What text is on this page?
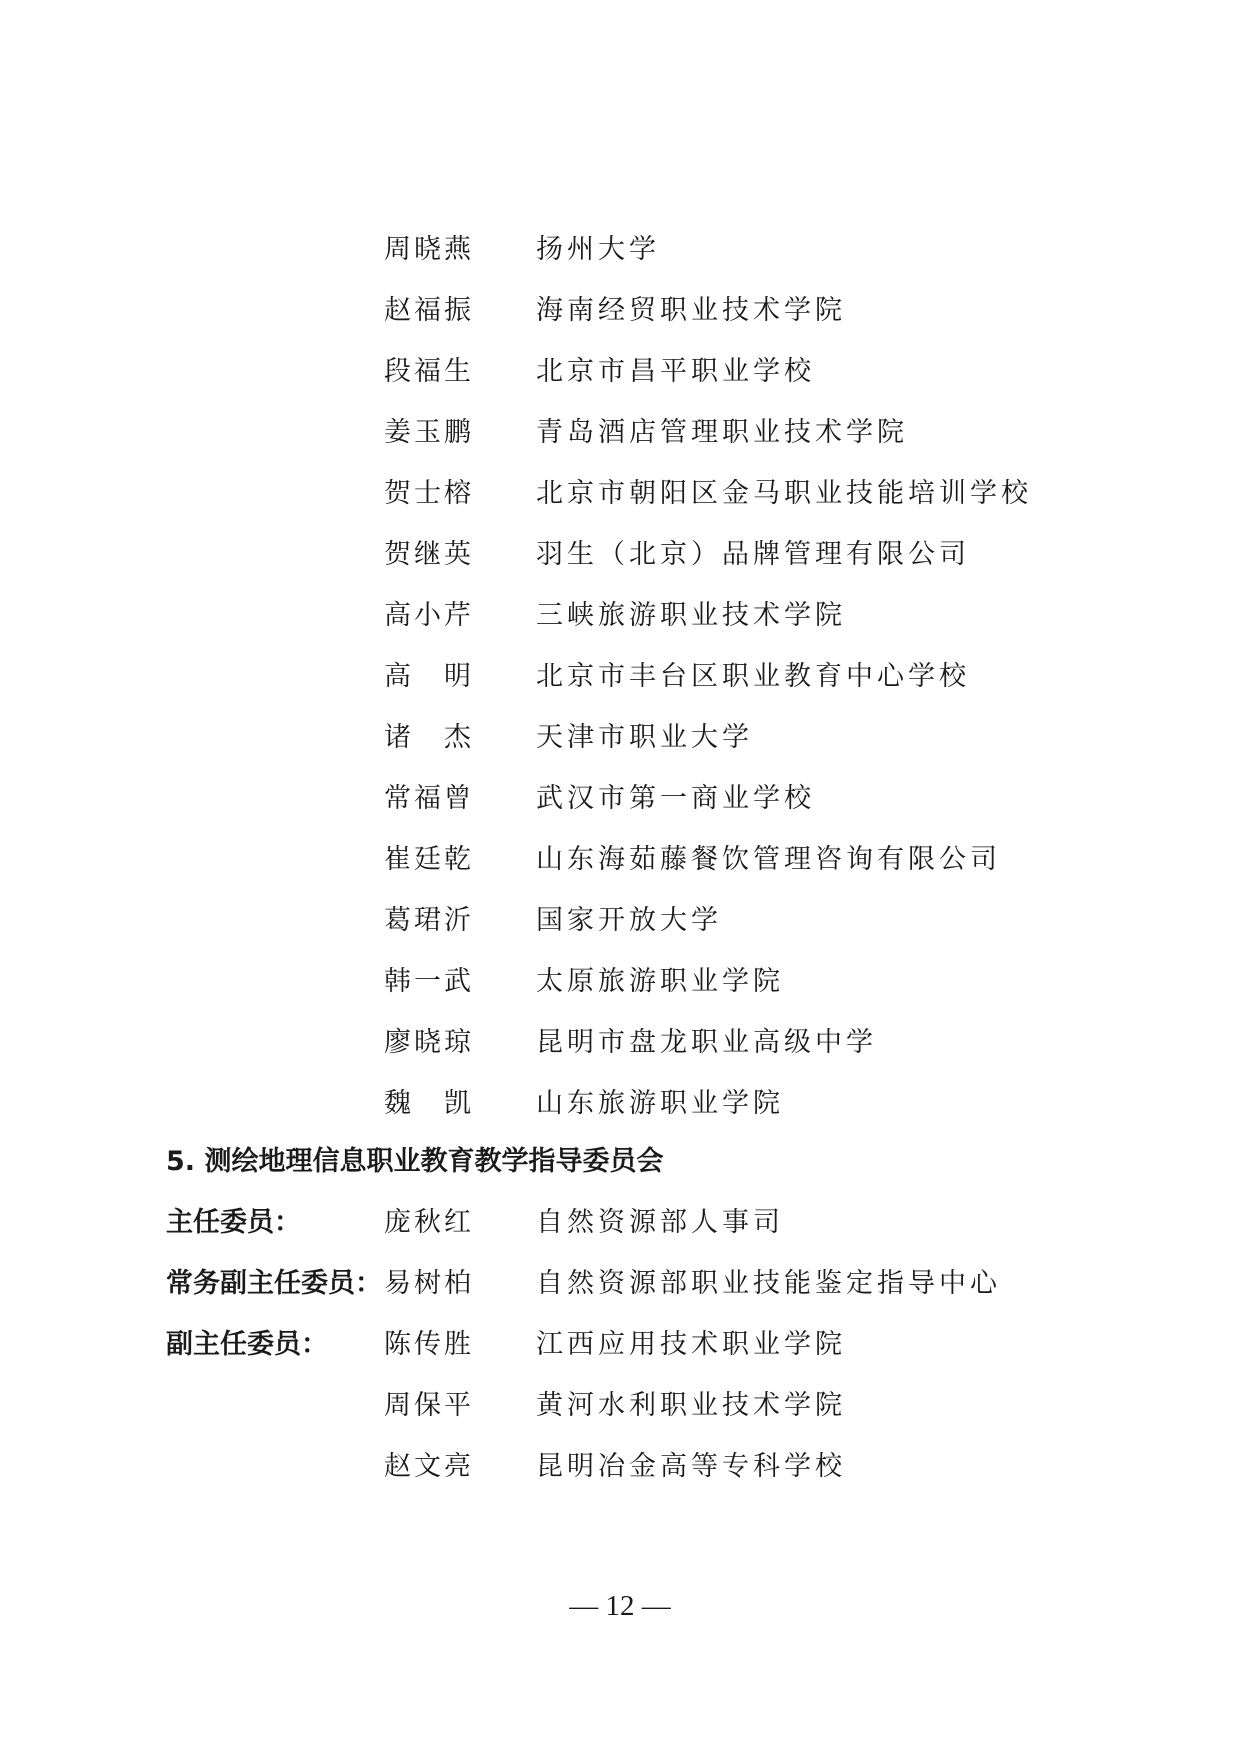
周晓燕 扬州大学
赵福振 海南经贸职业技术学院
段福生 北京市昌平职业学校
姜玉鹏 青岛酒店管理职业技术学院
贺士榕 北京市朝阳区金马职业技能培训学校
贺继英 羽生（北京）品牌管理有限公司
高小芹 三峡旅游职业技术学院
高　明 北京市丰台区职业教育中心学校
诸　杰 天津市职业大学
常福曾 武汉市第一商业学校
崔廷乾 山东海茹藤餐饮管理咨询有限公司
葛珺沂 国家开放大学
韩一武 太原旅游职业学院
廖晓琼 昆明市盘龙职业高级中学
魏　凯 山东旅游职业学院
5. 测绘地理信息职业教育教学指导委员会
主任委员：	庞秋红 自然资源部人事司
常务副主任委员： 易树柏 自然资源部职业技能鉴定指导中心
副主任委员：	陈传胜 江西应用技术职业学院
周保平 黄河水利职业技术学院
赵文亮 昆明冶金高等专科学校
— 12 —
